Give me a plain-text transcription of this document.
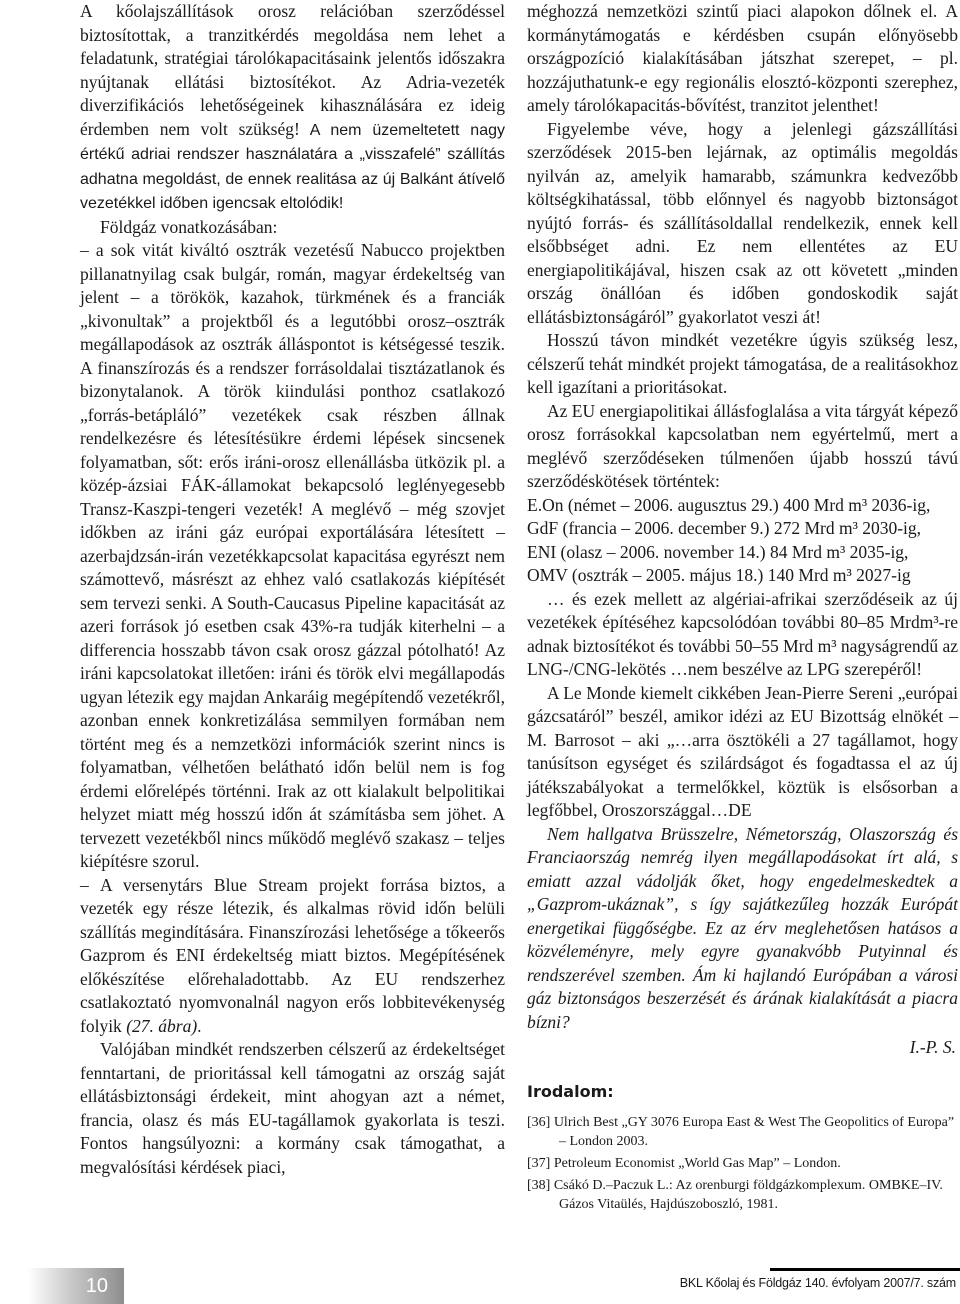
A kőolajszállítások orosz relációban szerződéssel biztosítottak, a tranzitkérdés megoldása nem lehet a feladatunk, stratégiai tárolókapacitásaink jelentős időszakra nyújtanak ellátási biztosítékot. Az Adria-vezeték diverzifikációs lehetőségeinek kihasználására ez ideig érdemben nem volt szükség! A nem üzemeltetett nagy értékű adriai rendszer használatára a „visszafelé” szállítás adhatna megoldást, de ennek realitása az új Balkánt átívelő vezetékkel időben igencsak eltolódik!

Földgáz vonatkozásában:

– a sok vitát kiváltó osztrák vezetésű Nabucco projektben pillanatnyilag csak bulgár, román, magyar érdekeltség van jelent – a törökök, kazahok, türkmének és a franciák „kivonultak” a projektből és a legutóbbi orosz–osztrák megállapodások az osztrák álláspontot is kétségessé teszik. A finanszírozás és a rendszer forrásoldalai tisztázatlanok és bizonytalanok. A török kiindulási ponthoz csatlakozó „forrás-betápláló” vezetékek csak részben állnak rendelkezésre és létesítésükre érdemi lépések sincsenek folyamatban, sőt: erős iráni-orosz ellenállásba ütközik pl. a közép-ázsiai FÁK-államokat bekapcsoló leglényegesebb Transz-Kaszpi-tengeri vezeték! A meglévő – még szovjet időkben az iráni gáz európai exportálására létesített – azerbajdzsán-irán vezetékkapcsolat kapacitása egyrészt nem számottevő, másrészt az ehhez való csatlakozás kiépítését sem tervezi senki. A South-Caucasus Pipeline kapacitását az azeri források jó esetben csak 43%-ra tudják kiterhelni – a differencia hosszabb távon csak orosz gázzal pótolható! Az iráni kapcsolatokat illetően: iráni és török elvi megállapodás ugyan létezik egy majdan Ankaráig megépítendő vezetékről, azonban ennek konkretizálása semmilyen formában nem történt meg és a nemzetközi információk szerint nincs is folyamatban, vélhetően belátható időn belül nem is fog érdemi előrelépés történni. Irak az ott kialakult belpolitikai helyzet miatt még hosszú időn át számításba sem jöhet. A tervezett vezetékből nincs működő meglévő szakasz – teljes kiépítésre szorul.

– A versenytárs Blue Stream projekt forrása biztos, a vezeték egy része létezik, és alkalmas rövid időn belüli szállítás megindítására. Finanszírozási lehetősége a tőkeerős Gazprom és ENI érdekeltség miatt biztos. Megépítésének előkészítése előrehaladottabb. Az EU rendszerhez csatlakoztató nyomvonalnál nagyon erős lobbitevékenység folyik (27. ábra).

Valójában mindkét rendszerben célszerű az érdekeltséget fenntartani, de prioritással kell támogatni az ország saját ellátásbiztonsági érdekeit, mint ahogyan azt a német, francia, olasz és más EU-tagállamok gyakorlata is teszi. Fontos hangsúlyozni: a kormány csak támogathat, a megvalósítási kérdések piaci,

méghozzá nemzetközi szintű piaci alapokon dőlnek el. A kormánytámogatás e kérdésben csupán előnyösebb országpozíció kialakításában játszhat szerepet, – pl. hozzájuthatunk-e egy regionális elosztó-központi szerephez, amely tárolókapacitás-bővítést, tranzitot jelenthet!

Figyelembe véve, hogy a jelenlegi gázszállítási szerződések 2015-ben lejárnak, az optimális megoldás nyilván az, amelyik hamarabb, számunkra kedvezőbb költségkihatással, több előnnyel és nagyobb biztonságot nyújtó forrás- és szállításoldallal rendelkezik, ennek kell elsőbbséget adni. Ez nem ellentétes az EU energiapolitikájával, hiszen csak az ott követett „minden ország önállóan és időben gondoskodik saját ellátásbiztonságáról” gyakorlatot veszi át!

Hosszú távon mindkét vezetékre úgyis szükség lesz, célszerű tehát mindkét projekt támogatása, de a realitásokhoz kell igazítani a prioritásokat.

Az EU energiapolitikai állásfoglalása a vita tárgyát képező orosz forrásokkal kapcsolatban nem egyértelmű, mert a meglévő szerződéseken túlmenően újabb hosszú távú szerződéskötések történtek:

E.On (német – 2006. augusztus 29.) 400 Mrd m³ 2036-ig,

GdF (francia – 2006. december 9.) 272 Mrd m³ 2030-ig,

ENI (olasz – 2006. november 14.) 84 Mrd m³ 2035-ig,

OMV (osztrák – 2005. május 18.) 140 Mrd m³ 2027-ig

… és ezek mellett az algériai-afrikai szerződéseik az új vezetékek építéséhez kapcsolódóan további 80–85 Mrdm³-re adnak biztosítékot és további 50–55 Mrd m³ nagyságrendű az LNG-/CNG-lekötés …nem beszélve az LPG szerepéről!

A Le Monde kiemelt cikkében Jean-Pierre Sereni „európai gázcsatáról” beszél, amikor idézi az EU Bizottság elnökét – M. Barrosot – aki „…arra ösztökéli a 27 tagállamot, hogy tanúsítson egységet és szilárdságot és fogadtassa el az új játékszabályokat a termelőkkel, köztük is elsősorban a legfőbbel, Oroszországgal…DE

Nem hallgatva Brüsszelre, Németország, Olaszország és Franciaország nemrég ilyen megállapodásokat írt alá, s emiatt azzal vádolják őket, hogy engedelmeskedtek a „Gazprom-ukáznak”, s így sajátkezűleg hozzák Európát energetikai függőségbe. Ez az érv meglehetősen hatásos a közvéleményre, mely egyre gyanakvóbb Putyinnal és rendszerével szemben. Ám ki hajlandó Európában a városi gáz biztonságos beszerzését és árának kialakítását a piacra bízni?

I.-P. S.
Irodalom:
[36] Ulrich Best „GY 3076 Europa East & West The Geopolitics of Europa” – London 2003.
[37] Petroleum Economist „World Gas Map” – London.
[38] Csákó D.–Paczuk L.: Az orenburgi földgázkomplexum. OMBKE–IV. Gázos Vitaülés, Hajdúszoboszló, 1981.
10	BKL Kőolaj és Földgáz 140. évfolyam 2007/7. szám
